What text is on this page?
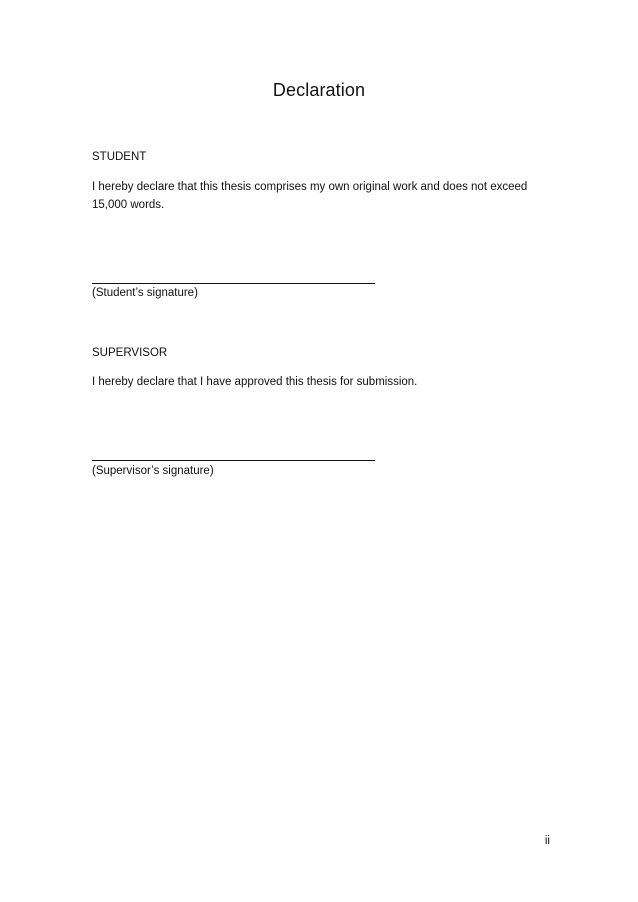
Declaration
STUDENT
I hereby declare that this thesis comprises my own original work and does not exceed 15,000 words.
(Student’s signature)
SUPERVISOR
I hereby declare that I have approved this thesis for submission.
(Supervisor’s signature)
ii
